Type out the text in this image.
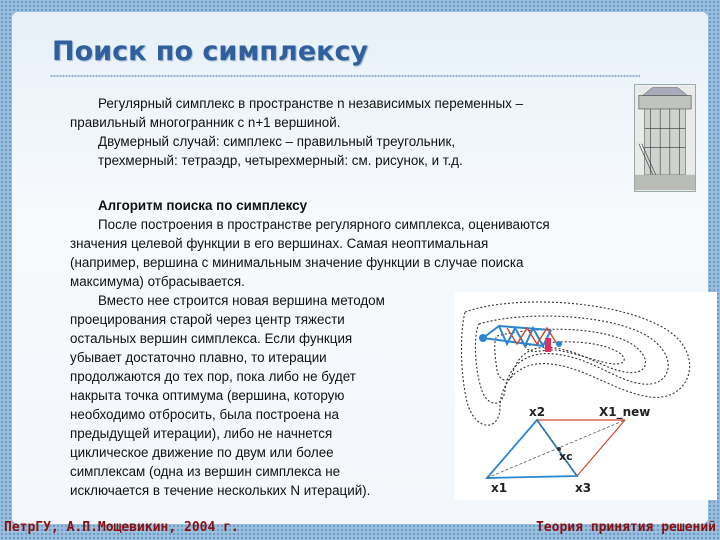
Поиск по симплексу
Регулярный симплекс в пространстве n независимых переменных –
правильный многогранник с n+1 вершиной.
Двумерный случай: симплекс – правильный треугольник,
трехмерный: тетраэдр, четырехмерный: см. рисунок, и т.д.
Алгоритм поиска по симплексу
После построения в пространстве регулярного симплекса, оцениваются
значения целевой функции в его вершинах. Самая неоптимальная
(например, вершина с минимальным значение функции в случае поиска
максимума) отбрасывается.
Вместо нее строится новая вершина методом
проецирования старой через центр тяжести
остальных вершин симплекса. Если функция
убывает достаточно плавно, то итерации
продолжаются до тех пор, пока либо не будет
накрыта точка оптимума (вершина, которую
необходимо отбросить, была построена на
предыдущей итерации), либо не начнется
циклическое движение по двум или более
симплексам (одна из вершин симплекса не
исключается в течение нескольких N итераций).
x2	X1_new
xc
x1	x3
ПетрГУ, А.П.Мощевикин, 2004 г.	Теория принятия решений
